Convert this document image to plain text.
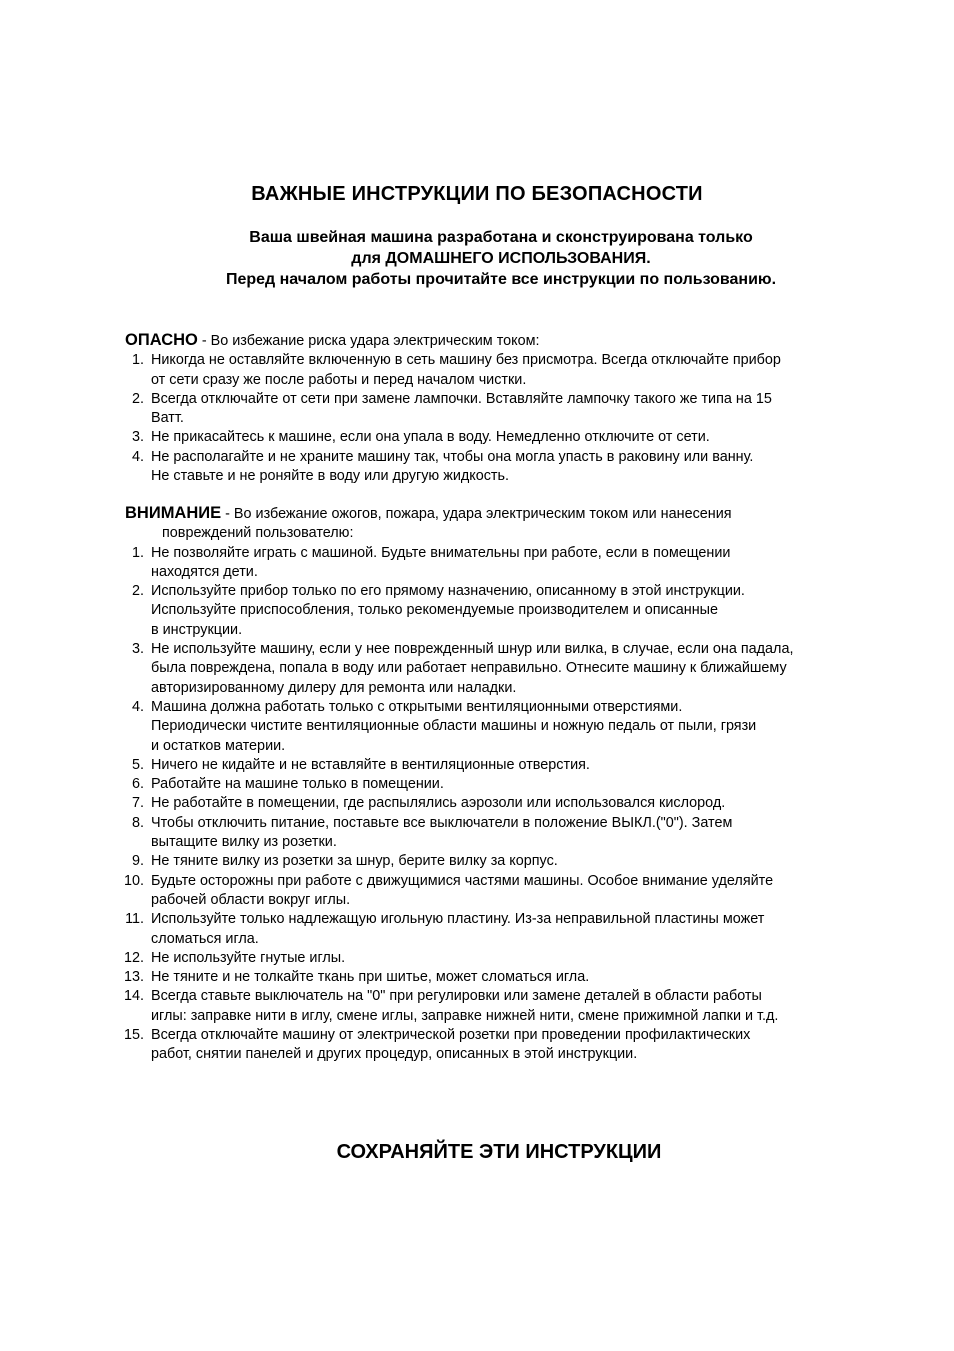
ВАЖНЫЕ ИНСТРУКЦИИ ПО БЕЗОПАСНОСТИ
Ваша швейная машина разработана и сконструирована только
для ДОМАШНЕГО ИСПОЛЬЗОВАНИЯ.
Перед началом работы прочитайте все инструкции по пользованию.
ОПАСНО - Во избежание риска удара электрическим током:
1. Никогда не оставляйте включенную в сеть машину без присмотра. Всегда отключайте прибор
от сети сразу же после работы и перед началом чистки.
2. Всегда отключайте от сети при замене лампочки. Вставляйте лампочку такого же типа на 15
Ватт.
3. Не прикасайтесь к машине, если она упала в воду. Немедленно отключите от сети.
4. Не располагайте и не храните машину так, чтобы она могла упасть в раковину или ванну.
Не ставьте и не роняйте в воду или другую жидкость.
ВНИМАНИЕ - Во избежание ожогов, пожара, удара электрическим током или нанесения
повреждений пользователю:
1. Не позволяйте играть с машиной. Будьте внимательны при работе, если в помещении
находятся дети.
2. Используйте прибор только по его прямому назначению, описанному в этой инструкции.
Используйте приспособления, только рекомендуемые производителем и описанные
в инструкции.
3. Не используйте машину, если у нее поврежденный шнур или вилка, в случае, если она падала,
была повреждена, попала в воду или работает неправильно. Отнесите машину к ближайшему
авторизированному дилеру для ремонта или наладки.
4. Машина должна работать только с открытыми вентиляционными отверстиями.
Периодически чистите вентиляционные области машины и ножную педаль от пыли, грязи
и остатков материи.
5. Ничего не кидайте и не вставляйте в вентиляционные отверстия.
6. Работайте на машине только в помещении.
7. Не работайте в помещении, где распылялись аэрозоли или использовался кислород.
8. Чтобы отключить питание, поставьте все выключатели в положение ВЫКЛ.("0"). Затем
вытащите вилку из розетки.
9. Не тяните вилку из розетки за шнур, берите вилку за корпус.
10. Будьте осторожны при работе с движущимися частями машины. Особое внимание уделяйте
рабочей области вокруг иглы.
11. Используйте только надлежащую игольную пластину. Из-за неправильной пластины может
сломаться игла.
12. Не используйте гнутые иглы.
13. Не тяните и не толкайте ткань при шитье, может сломаться игла.
14. Всегда ставьте выключатель на "0" при регулировки или замене деталей в области работы
иглы: заправке нити в иглу, смене иглы, заправке нижней нити, смене прижимной лапки и т.д.
15. Всегда отключайте машину от электрической розетки при проведении профилактических
работ, снятии панелей и других процедур, описанных в этой инструкции.
СОХРАНЯЙТЕ ЭТИ ИНСТРУКЦИИ
